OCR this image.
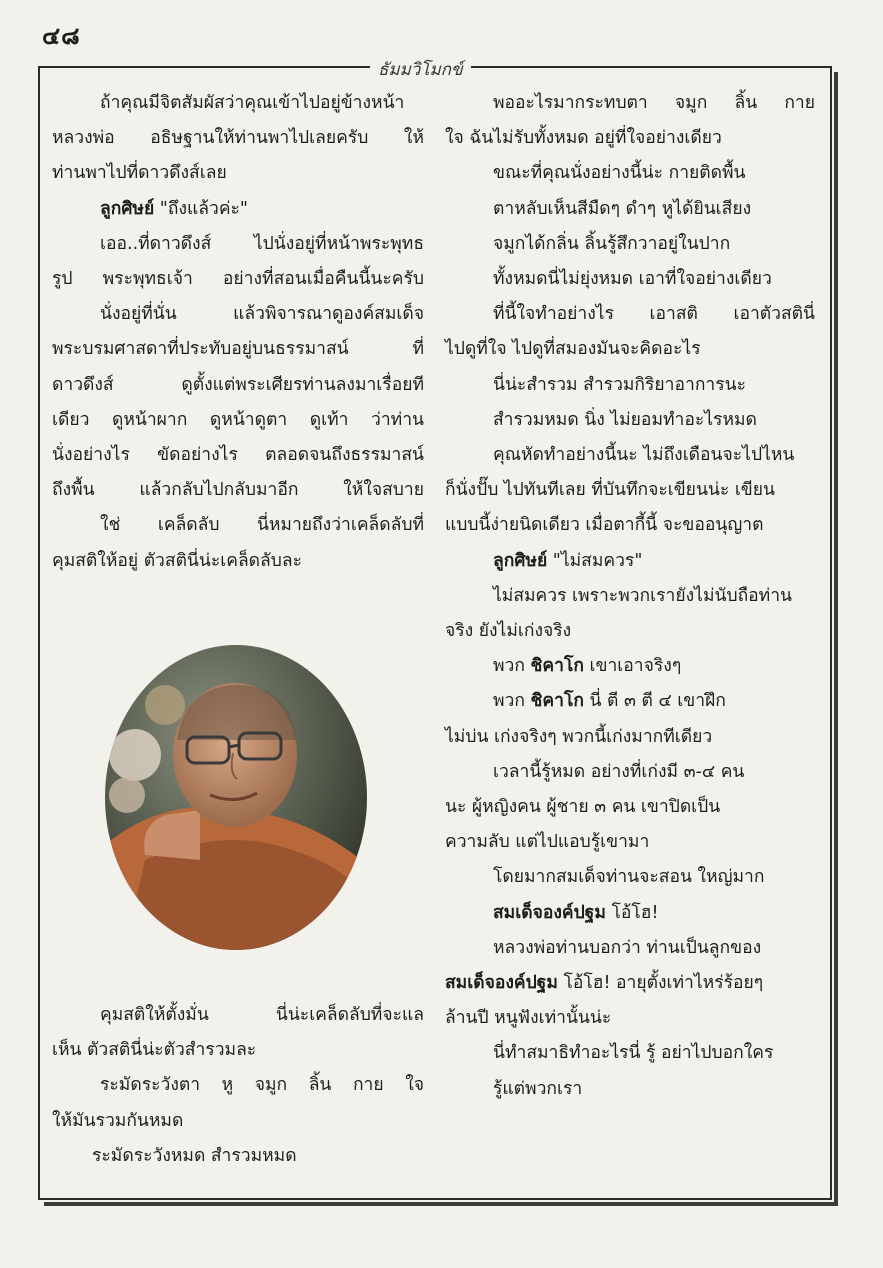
๔๘
ธัมมวิโมกข์

ถ้าคุณมีจิตสัมผัสว่าคุณเข้าไปอยู่ข้างหน้า

หลวงพ่อ อธิษฐานให้ท่านพาไปเลยครับ ให้

ท่านพาไปที่ดาวดึงส์เลย

ลูกศิษย์ "ถึงแล้วค่ะ"

เออ..ที่ดาวดึงส์ ไปนั่งอยู่ที่หน้าพระพุทธ

รูป พระพุทธเจ้า อย่างที่สอนเมื่อคืนนี้นะครับ

นั่งอยู่ที่นั่น แล้วพิจารณาดูองค์สมเด็จ

พระบรมศาสดาที่ประทับอยู่บนธรรมาสน์ ที่

ดาวดึงส์ ดูตั้งแต่พระเศียรท่านลงมาเรื่อยที

เดียว ดูหน้าผาก ดูหน้าดูตา ดูเท้า ว่าท่าน

นั่งอย่างไร ขัดอย่างไร ตลอดจนถึงธรรมาสน์

ถึงพื้น แล้วกลับไปกลับมาอีก ให้ใจสบาย

ใช่ เคล็ดลับ นี่หมายถึงว่าเคล็ดลับที่

คุมสติให้อยู่ ตัวสตินี่น่ะเคล็ดลับละ

คุมสติให้ตั้งมั่น นี่น่ะเคล็ดลับที่จะแล

เห็น ตัวสตินี่น่ะตัวสำรวมละ

ระมัดระวังตา หู จมูก ลิ้น กาย ใจ

ให้มันรวมกันหมด

ระมัดระวังหมด สำรวมหมด

พออะไรมากระทบตา จมูก ลิ้น กาย

ใจ ฉันไม่รับทั้งหมด อยู่ที่ใจอย่างเดียว

ขณะที่คุณนั่งอย่างนี้น่ะ กายติดพื้น

ตาหลับเห็นสีมืดๆ ดำๆ หูได้ยินเสียง

จมูกได้กลิ่น ลิ้นรู้สึกวาอยู่ในปาก

ทั้งหมดนี่ไม่ยุ่งหมด เอาที่ใจอย่างเดียว

ที่นี้ใจทำอย่างไร เอาสติ เอาตัวสตินี่

ไปดูที่ใจ ไปดูที่สมองมันจะคิดอะไร

นี่น่ะสำรวม สำรวมกิริยาอาการนะ

สำรวมหมด นิ่ง ไม่ยอมทำอะไรหมด

คุณหัดทำอย่างนี้นะ ไม่ถึงเดือนจะไปไหน

ก็นั่งปั๊บ ไปทันทีเลย ที่บันทึกจะเขียนน่ะ เขียน

แบบนี้ง่ายนิดเดียว เมื่อตากี้นี้ จะขออนุญาต

ลูกศิษย์ "ไม่สมควร"

ไม่สมควร เพราะพวกเรายังไม่นับถือท่าน

จริง ยังไม่เก่งจริง

พวก ชิคาโก เขาเอาจริงๆ

พวก ชิคาโก นี่ ตี ๓ ตี ๔ เขาฝึก

ไม่บ่น เก่งจริงๆ พวกนี้เก่งมากทีเดียว

เวลานี้รู้หมด อย่างที่เก่งมี ๓-๔ คน

นะ ผู้หญิงคน ผู้ชาย ๓ คน เขาปิดเป็น

ความลับ แต่ไปแอบรู้เขามา

โดยมากสมเด็จท่านจะสอน ใหญ่มาก

สมเด็จองค์ปฐม โอ้โฮ!

หลวงพ่อท่านบอกว่า ท่านเป็นลูกของ

สมเด็จองค์ปฐม โอ้โฮ! อายุตั้งเท่าไหร่ร้อยๆ

ล้านปี หนูฟังเท่านั้นน่ะ

นี่ทำสมาธิทำอะไรนี่ รู้ อย่าไปบอกใคร

รู้แต่พวกเรา
